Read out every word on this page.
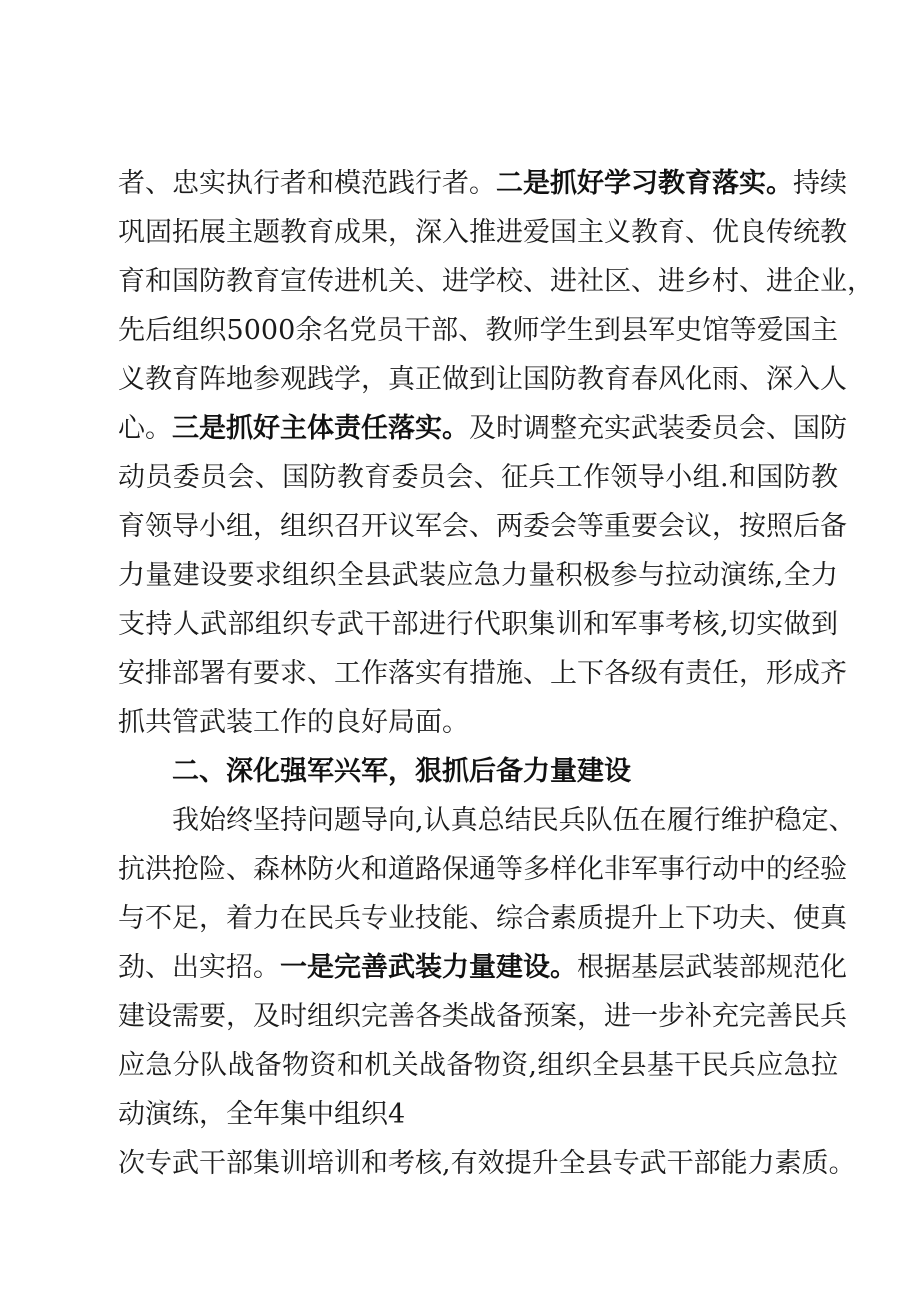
者、忠实执行者和模范践行者。二是抓好学习教育落实。持续
巩固拓展主题教育成果，深入推进爱国主义教育、优良传统教
育和国防教育宣传进机关、进学校、进社区、进乡村、进企业，
先后组织5000余名党员干部、教师学生到县军史馆等爱国主
义教育阵地参观践学，真正做到让国防教育春风化雨、深入人
心。三是抓好主体责任落实。及时调整充实武装委员会、国防
动员委员会、国防教育委员会、征兵工作领导小组.和国防教
育领导小组，组织召开议军会、两委会等重要会议，按照后备
力量建设要求组织全县武装应急力量积极参与拉动演练,全力
支持人武部组织专武干部进行代职集训和军事考核,切实做到
安排部署有要求、工作落实有措施、上下各级有责任，形成齐
抓共管武装工作的良好局面。
二、深化强军兴军，狠抓后备力量建设
我始终坚持问题导向,认真总结民兵队伍在履行维护稳定、
抗洪抢险、森林防火和道路保通等多样化非军事行动中的经验
与不足，着力在民兵专业技能、综合素质提升上下功夫、使真
劲、出实招。一是完善武装力量建设。根据基层武装部规范化
建设需要，及时组织完善各类战备预案，进一步补充完善民兵
应急分队战备物资和机关战备物资,组织全县基干民兵应急拉
动演练，全年集中组织4
次专武干部集训培训和考核,有效提升全县专武干部能力素质。
